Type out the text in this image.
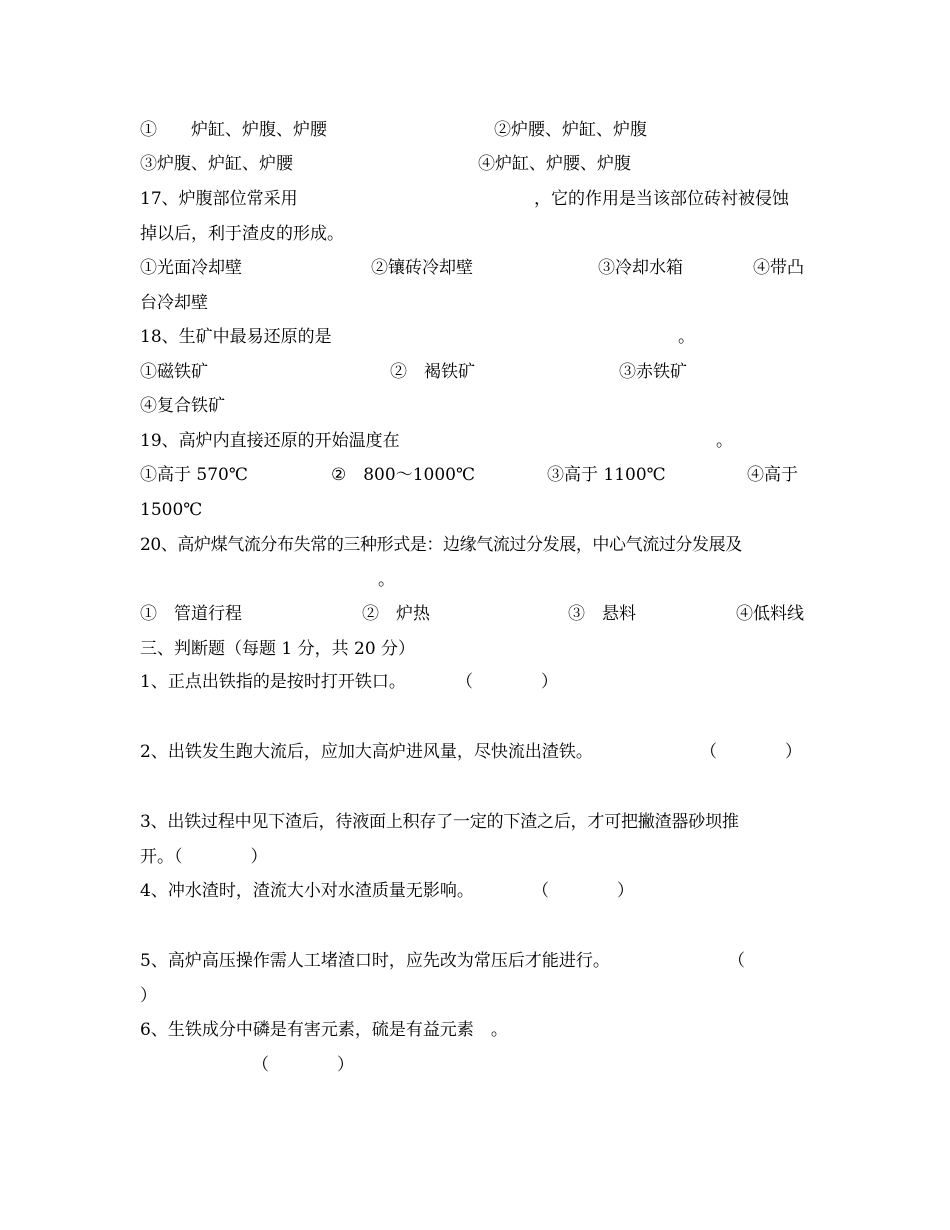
①　　炉缸、炉腹、炉腰	②炉腰、炉缸、炉腹
③炉腹、炉缸、炉腰	④炉缸、炉腰、炉腹
17、炉腹部位常采用	，它的作用是当该部位砖衬被侵蚀
掉以后，利于渣皮的形成。
①光面冷却壁	②镶砖冷却壁	③冷却水箱	④带凸
台冷却壁
18、生矿中最易还原的是	。
①磁铁矿	②　褐铁矿	③赤铁矿
④复合铁矿
19、高炉内直接还原的开始温度在	。
①高于 570℃	②　800～1000℃	③高于 1100℃	④高于
1500℃
20、高炉煤气流分布失常的三种形式是：边缘气流过分发展，中心气流过分发展及
。
①　管道行程	②　炉热	③　悬料	④低料线
三、判断题（每题 1 分，共 20 分）
1、正点出铁指的是按时打开铁口。	（　　　　）
2、出铁发生跑大流后，应加大高炉进风量，尽快流出渣铁。	（　　　　）
3、出铁过程中见下渣后，待液面上积存了一定的下渣之后，才可把撇渣器砂坝推
开。（　　　　）
4、冲水渣时，渣流大小对水渣质量无影响。	（　　　　）
5、高炉高压操作需人工堵渣口时，应先改为常压后才能进行。	（
）
6、生铁成分中磷是有害元素，硫是有益元素　。
（　　　　）
